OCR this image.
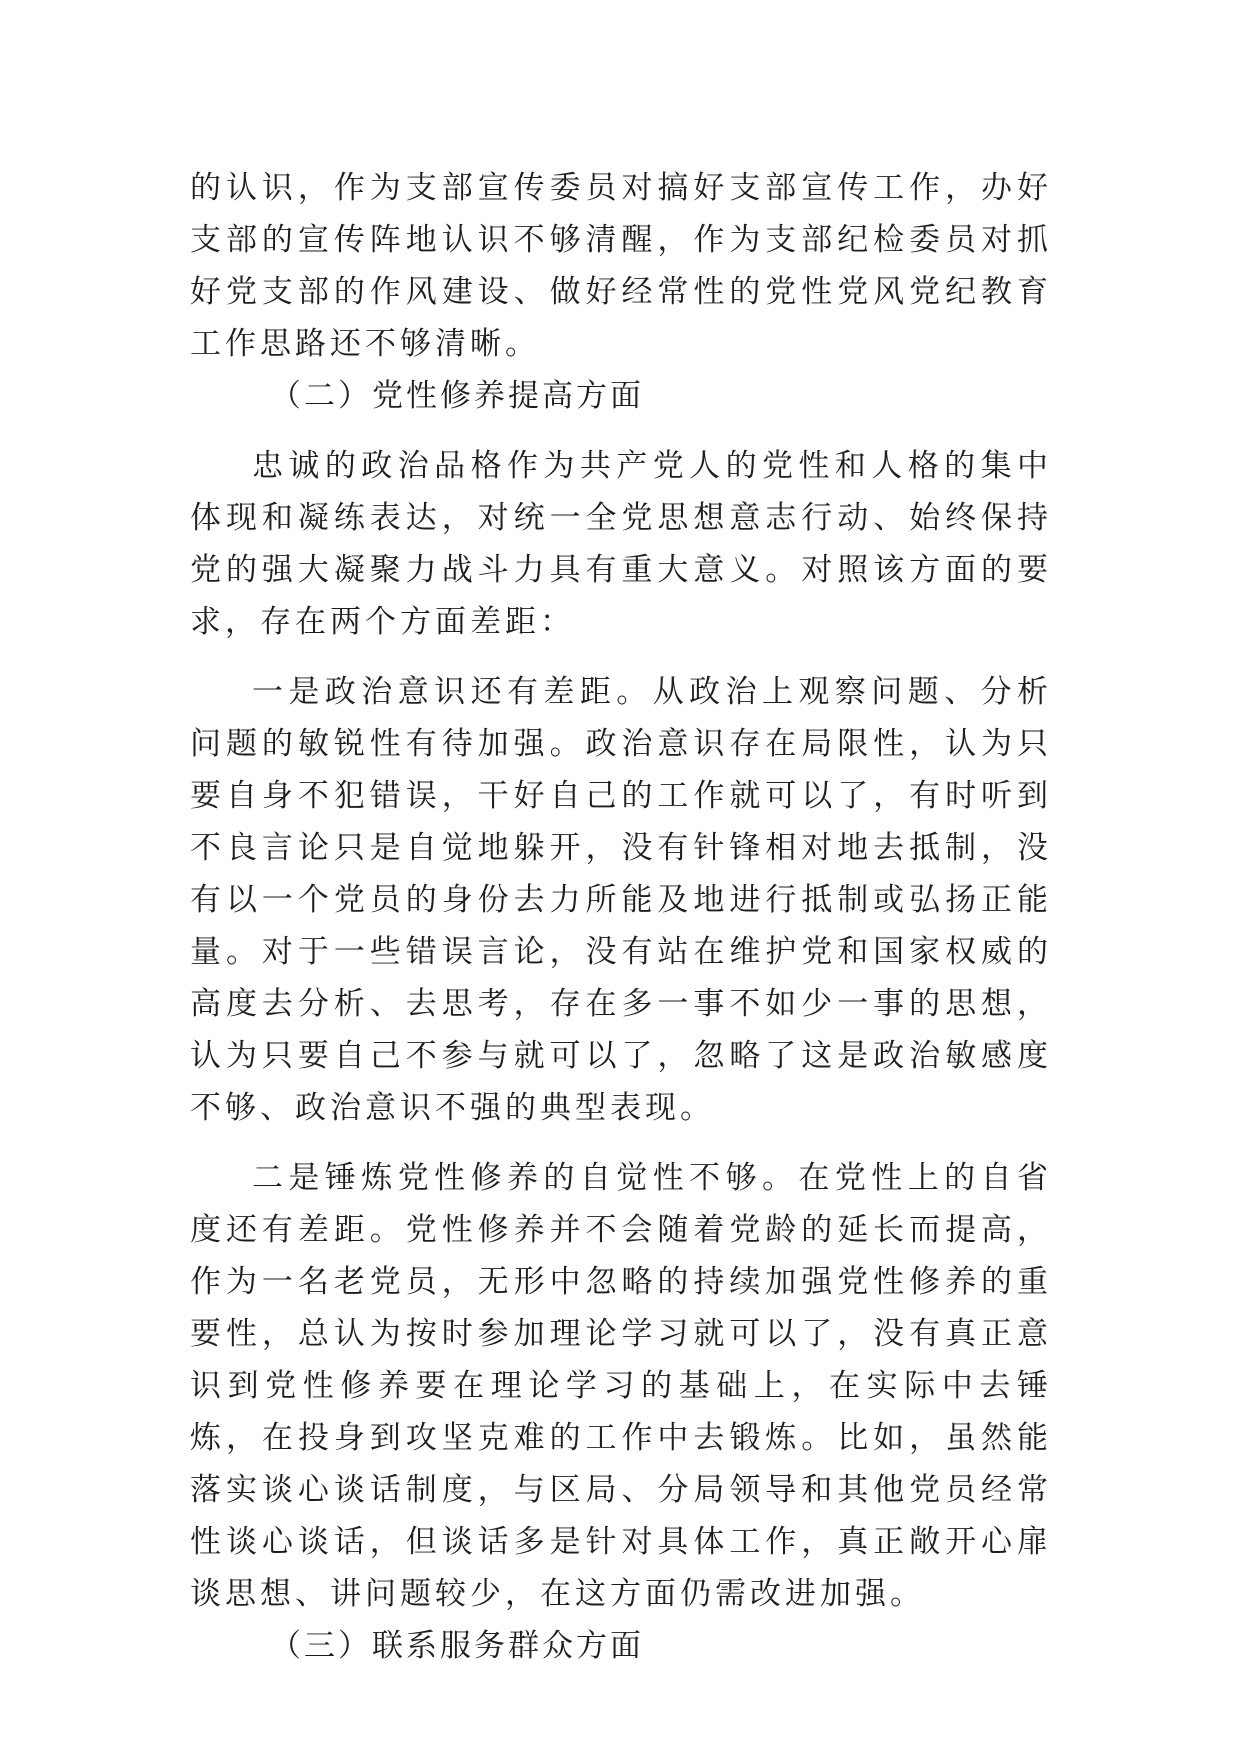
的认识，作为支部宣传委员对搞好支部宣传工作，办好支部的宣传阵地认识不够清醒，作为支部纪检委员对抓好党支部的作风建设、做好经常性的党性党风党纪教育工作思路还不够清晰。

（二）党性修养提高方面

忠诚的政治品格作为共产党人的党性和人格的集中体现和凝练表达，对统一全党思想意志行动、始终保持党的强大凝聚力战斗力具有重大意义。对照该方面的要求，存在两个方面差距：

一是政治意识还有差距。从政治上观察问题、分析问题的敏锐性有待加强。政治意识存在局限性，认为只要自身不犯错误，干好自己的工作就可以了，有时听到不良言论只是自觉地躲开，没有针锋相对地去抵制，没有以一个党员的身份去力所能及地进行抵制或弘扬正能量。对于一些错误言论，没有站在维护党和国家权威的高度去分析、去思考，存在多一事不如少一事的思想，认为只要自己不参与就可以了，忽略了这是政治敏感度不够、政治意识不强的典型表现。

二是锤炼党性修养的自觉性不够。在党性上的自省度还有差距。党性修养并不会随着党龄的延长而提高，作为一名老党员，无形中忽略的持续加强党性修养的重要性，总认为按时参加理论学习就可以了，没有真正意识到党性修养要在理论学习的基础上，在实际中去锤炼，在投身到攻坚克难的工作中去锻炼。比如，虽然能落实谈心谈话制度，与区局、分局领导和其他党员经常性谈心谈话，但谈话多是针对具体工作，真正敞开心扉谈思想、讲问题较少，在这方面仍需改进加强。

（三）联系服务群众方面
